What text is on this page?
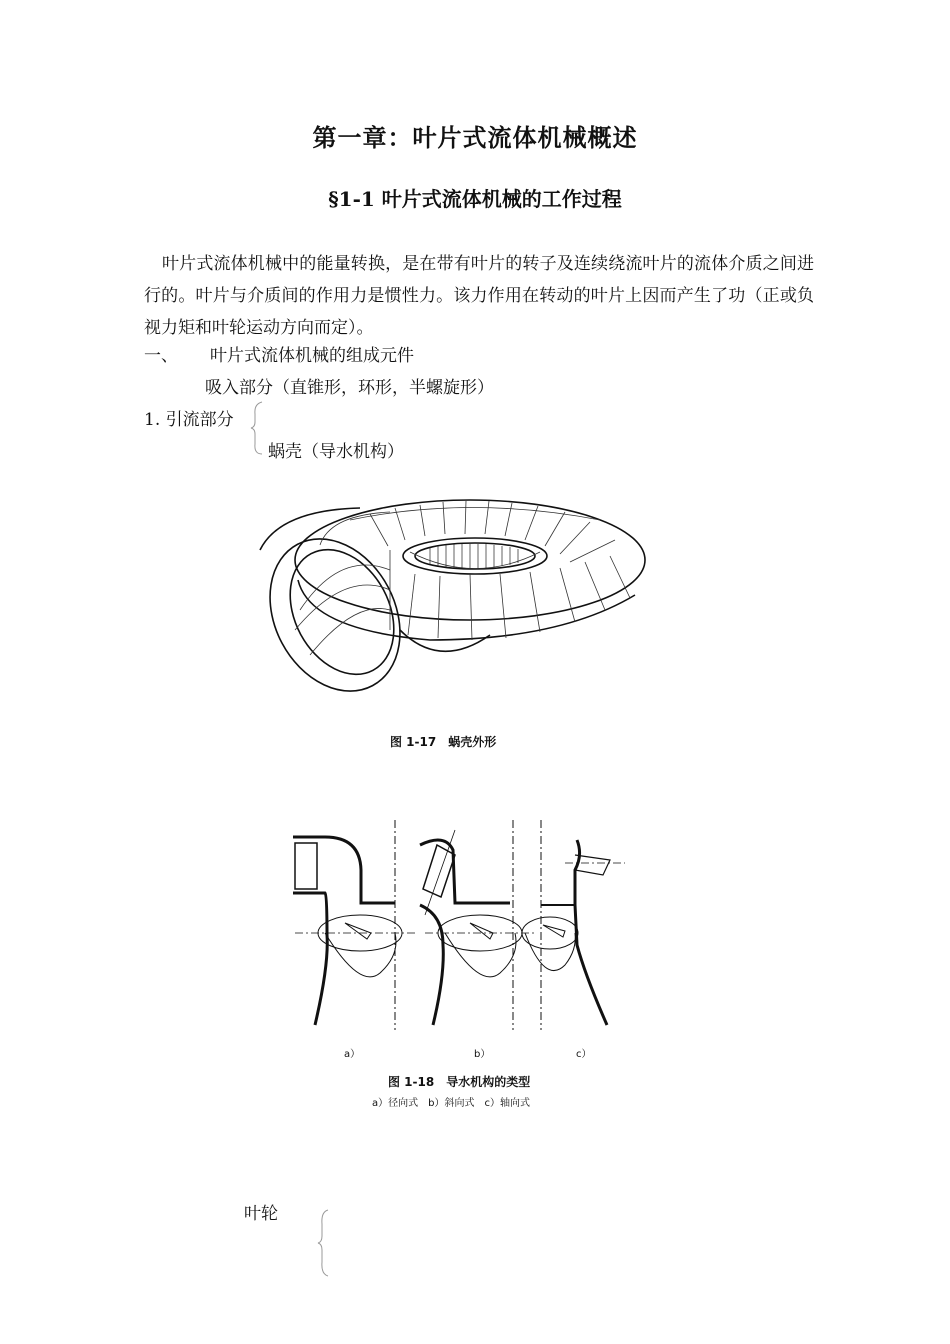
第一章：叶片式流体机械概述
§1-1 叶片式流体机械的工作过程

叶片式流体机械中的能量转换，是在带有叶片的转子及连续绕流叶片的流体介质之间进行的。叶片与介质间的作用力是惯性力。该力作用在转动的叶片上因而产生了功（正或负视力矩和叶轮运动方向而定）。

一、 叶片式流体机械的组成元件
吸入部分（直锥形，环形，半螺旋形）
1. 引流部分
蜗壳（导水机构）
图 1-17　蜗壳外形
a）	b）	c）
图 1-18　导水机构的类型
a）径向式　b）斜向式　c）轴向式
叶轮
